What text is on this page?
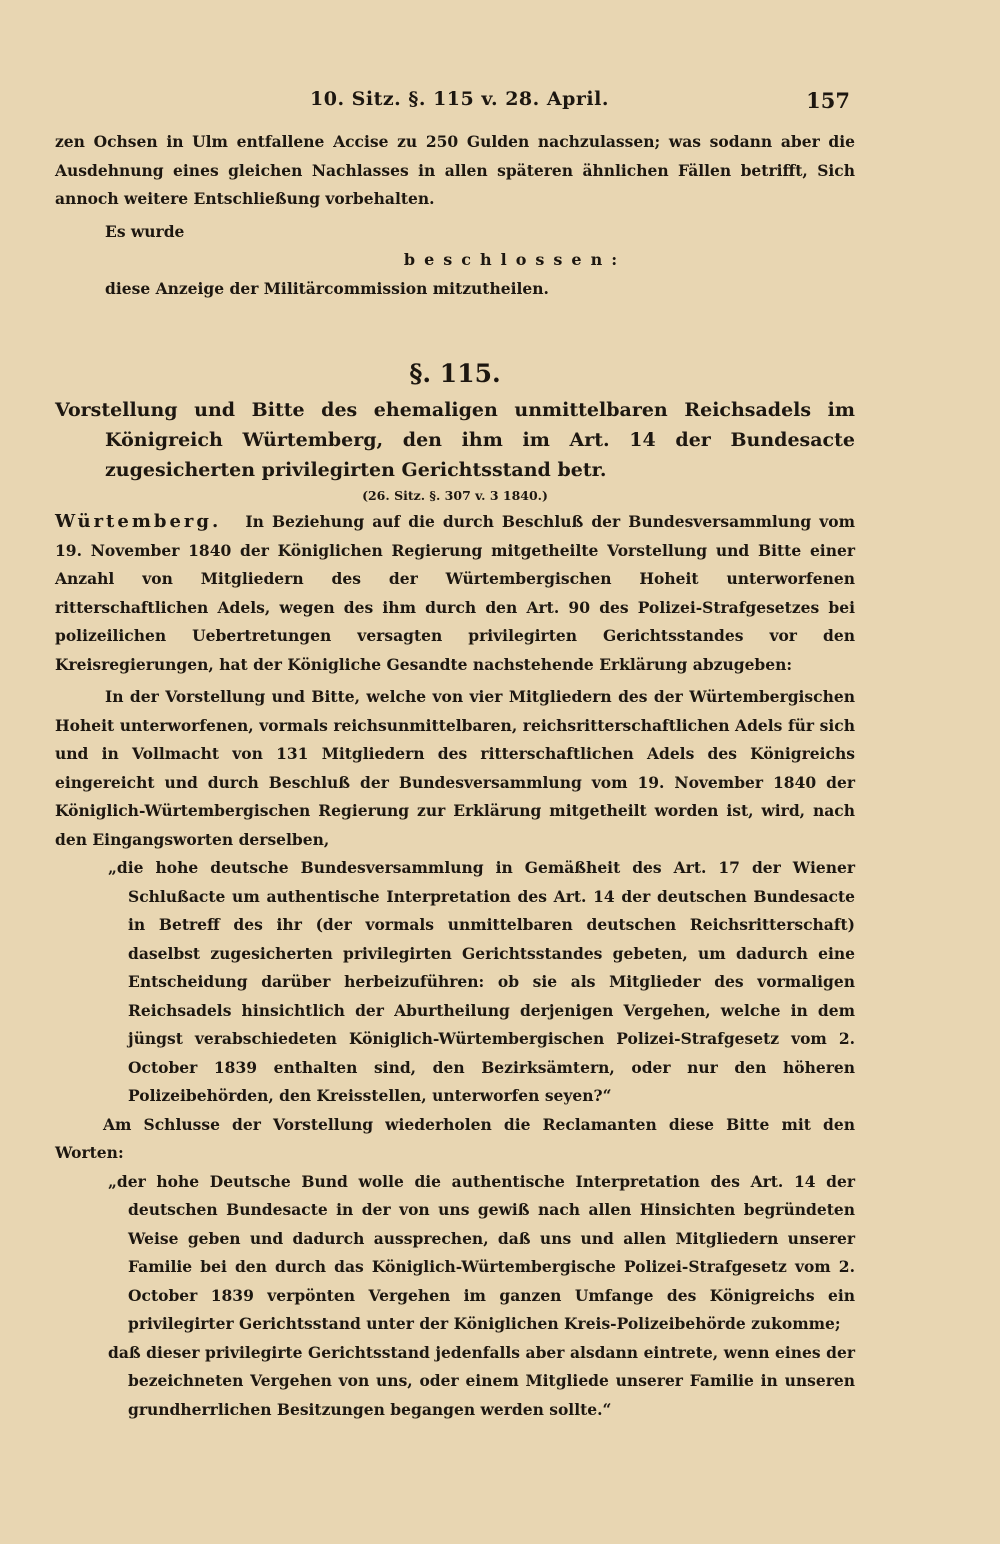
10. Sitz. §. 115 v. 28. April.	157

zen Ochsen in Ulm entfallene Accise zu 250 Gulden nachzulassen; was sodann aber die Ausdehnung eines gleichen Nachlasses in allen späteren ähnlichen Fällen betrifft, Sich annoch weitere Entschließung vorbehalten.

Es wurde

beschlossen:

diese Anzeige der Militärcommission mitzutheilen.

§. 115.
Vorstellung und Bitte des ehemaligen unmittelbaren Reichsadels im Königreich Würtemberg, den ihm im Art. 14 der Bundesacte zugesicherten privilegirten Gerichtsstand betr.
(26. Sitz. §. 307 v. 3 1840.)

Würtemberg. In Beziehung auf die durch Beschluß der Bundesversammlung vom 19. November 1840 der Königlichen Regierung mitgetheilte Vorstellung und Bitte einer Anzahl von Mitgliedern des der Würtembergischen Hoheit unterworfenen ritterschaftlichen Adels, wegen des ihm durch den Art. 90 des Polizei-Strafgesetzes bei polizeilichen Uebertretungen versagten privilegirten Gerichtsstandes vor den Kreisregierungen, hat der Königliche Gesandte nachstehende Erklärung abzugeben:

In der Vorstellung und Bitte, welche von vier Mitgliedern des der Würtembergischen Hoheit unterworfenen, vormals reichsunmittelbaren, reichsritterschaftlichen Adels für sich und in Vollmacht von 131 Mitgliedern des ritterschaftlichen Adels des Königreichs eingereicht und durch Beschluß der Bundesversammlung vom 19. November 1840 der Königlich-Würtembergischen Regierung zur Erklärung mitgetheilt worden ist, wird, nach den Eingangsworten derselben,

„die hohe deutsche Bundesversammlung in Gemäßheit des Art. 17 der Wiener Schlußacte um authentische Interpretation des Art. 14 der deutschen Bundesacte in Betreff des ihr (der vormals unmittelbaren deutschen Reichsritterschaft) daselbst zugesicherten privilegirten Gerichtsstandes gebeten, um dadurch eine Entscheidung darüber herbeizuführen: ob sie als Mitglieder des vormaligen Reichsadels hinsichtlich der Aburtheilung derjenigen Vergehen, welche in dem jüngst verabschiedeten Königlich-Würtembergischen Polizei-Strafgesetz vom 2. October 1839 enthalten sind, den Bezirksämtern, oder nur den höheren Polizeibehörden, den Kreisstellen, unterworfen seyen?“

Am Schlusse der Vorstellung wiederholen die Reclamanten diese Bitte mit den Worten:

„der hohe Deutsche Bund wolle die authentische Interpretation des Art. 14 der deutschen Bundesacte in der von uns gewiß nach allen Hinsichten begründeten Weise geben und dadurch aussprechen, daß uns und allen Mitgliedern unserer Familie bei den durch das Königlich-Würtembergische Polizei-Strafgesetz vom 2. October 1839 verpönten Vergehen im ganzen Umfange des Königreichs ein privilegirter Gerichtsstand unter der Königlichen Kreis-Polizeibehörde zukomme;

daß dieser privilegirte Gerichtsstand jedenfalls aber alsdann eintrete, wenn eines der bezeichneten Vergehen von uns, oder einem Mitgliede unserer Familie in unseren grundherrlichen Besitzungen begangen werden sollte.“
